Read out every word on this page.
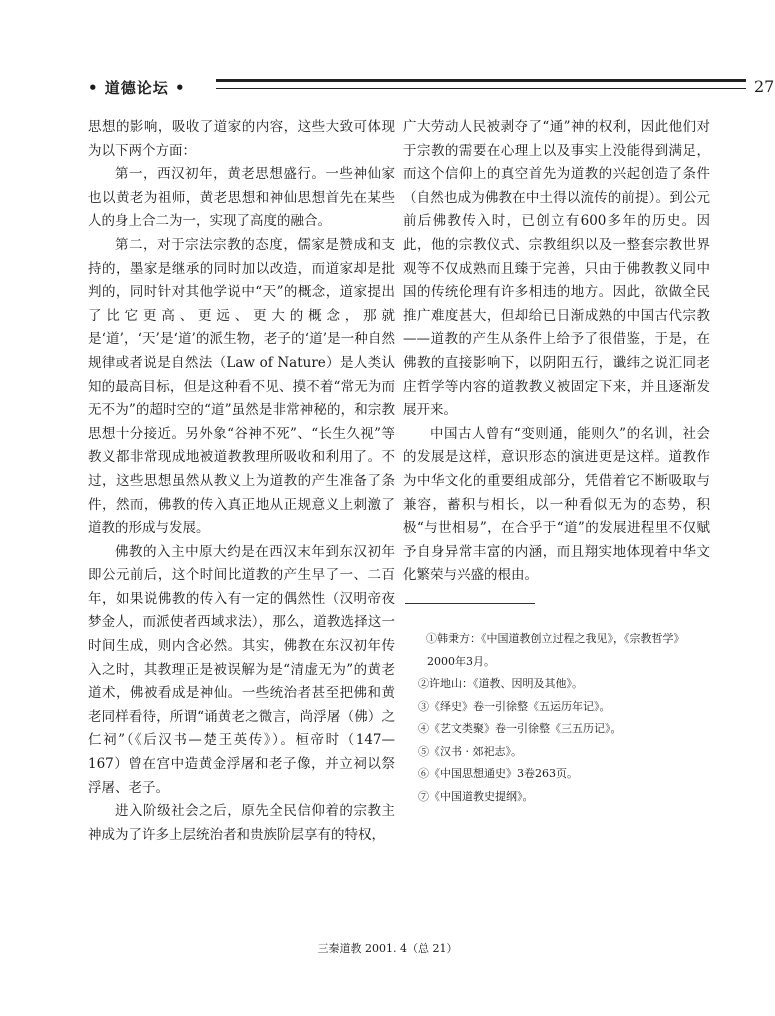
• 道德论坛 •	27

思想的影响，吸收了道家的内容，这些大致可体现为以下两个方面：

第一，西汉初年，黄老思想盛行。一些神仙家也以黄老为祖师，黄老思想和神仙思想首先在某些人的身上合二为一，实现了高度的融合。

第二，对于宗法宗教的态度，儒家是赞成和支持的，墨家是继承的同时加以改造，而道家却是批判的，同时针对其他学说中“天”的概念，道家提出了比它更高、更远、更大的概念，那就是‘道’，‘天’是‘道’的派生物，老子的‘道’是一种自然规律或者说是自然法（Law of Nature）是人类认知的最高目标，但是这种看不见、摸不着“常无为而无不为”的超时空的“道”虽然是非常神秘的，和宗教思想十分接近。另外象“谷神不死”、“长生久视”等教义都非常现成地被道教教理所吸收和利用了。不过，这些思想虽然从教义上为道教的产生准备了条件，然而，佛教的传入真正地从正规意义上刺激了道教的形成与发展。

佛教的入主中原大约是在西汉末年到东汉初年即公元前后，这个时间比道教的产生早了一、二百年，如果说佛教的传入有一定的偶然性（汉明帝夜梦金人，而派使者西域求法），那么，道教选择这一时间生成，则内含必然。其实，佛教在东汉初年传入之时，其教理正是被误解为是“清虚无为”的黄老道术，佛被看成是神仙。一些统治者甚至把佛和黄老同样看待，所谓“诵黄老之微言，尚浮屠（佛）之仁祠”（《后汉书—楚王英传》）。桓帝时（147—167）曾在宫中造黄金浮屠和老子像，并立祠以祭浮屠、老子。

进入阶级社会之后，原先全民信仰着的宗教主神成为了许多上层统治者和贵族阶层享有的特权，

广大劳动人民被剥夺了“通”神的权利，因此他们对于宗教的需要在心理上以及事实上没能得到满足，而这个信仰上的真空首先为道教的兴起创造了条件（自然也成为佛教在中土得以流传的前提）。到公元前后佛教传入时，已创立有600多年的历史。因此，他的宗教仪式、宗教组织以及一整套宗教世界观等不仅成熟而且臻于完善，只由于佛教教义同中国的传统伦理有许多相违的地方。因此，欲做全民推广难度甚大，但却给已日渐成熟的中国古代宗教——道教的产生从条件上给予了很借鉴，于是，在佛教的直接影响下，以阴阳五行，谶纬之说汇同老庄哲学等内容的道教教义被固定下来，并且逐渐发展开来。

中国古人曾有“变则通，能则久”的名训，社会的发展是这样，意识形态的演进更是这样。道教作为中华文化的重要组成部分，凭借着它不断吸取与兼容，蓄积与相长，以一种看似无为的态势，积极“与世相易”，在合乎于“道”的发展进程里不仅赋予自身异常丰富的内涵，而且翔实地体现着中华文化繁荣与兴盛的根由。

①韩秉方：《中国道教创立过程之我见》，《宗教哲学》2000年3月。

②许地山：《道教、因明及其他》。

③《绎史》卷一引徐整《五运历年记》。

④《艺文类聚》卷一引徐整《三五历记》。

⑤《汉书 · 郊祀志》。

⑥《中国思想通史》3卷263页。

⑦《中国道教史提纲》。

三秦道教 2001. 4（总 21）
